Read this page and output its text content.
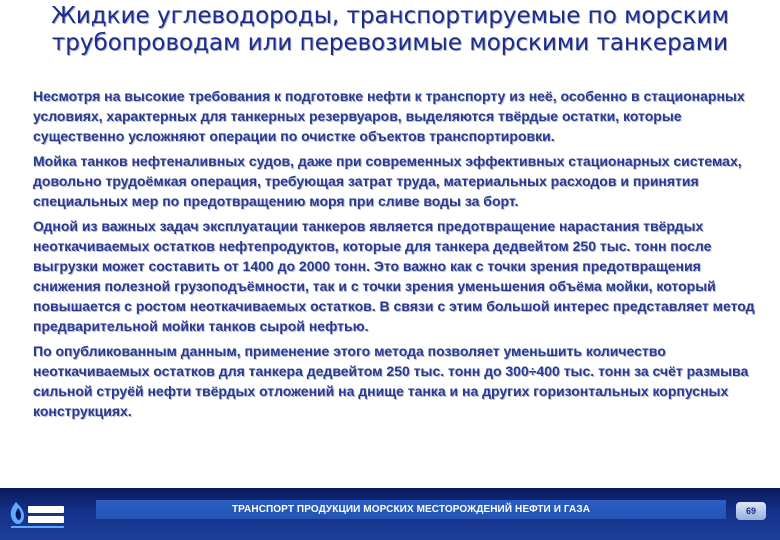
Жидкие углеводороды, транспортируемые по морским трубопроводам или перевозимые морскими танкерами

Несмотря на высокие требования к подготовке нефти к транспорту из неё, особенно в стационарных условиях, характерных для танкерных резервуаров, выделяются твёрдые остатки, которые существенно усложняют операции по очистке объектов транспортировки.

Мойка танков нефтеналивных судов, даже при современных эффективных стационарных системах, довольно трудоёмкая операция, требующая затрат труда, материальных расходов и принятия специальных мер по предотвращению моря при сливе воды за борт.

Одной из важных задач эксплуатации танкеров является предотвращение нарастания твёрдых неоткачиваемых остатков нефтепродуктов, которые для танкера дедвейтом 250 тыс. тонн после выгрузки может составить от 1400 до 2000 тонн. Это важно как с точки зрения предотвращения снижения полезной грузоподъёмности, так и с точки зрения уменьшения объёма мойки, который повышается с ростом неоткачиваемых остатков. В связи с этим большой интерес представляет метод предварительной мойки танков сырой нефтью.

По опубликованным данным, применение этого метода позволяет уменьшить количество неоткачиваемых остатков для танкера дедвейтом 250 тыс. тонн до 300÷400 тыс. тонн за счёт размыва сильной струёй нефти твёрдых отложений на днище танка и на других горизонтальных корпусных конструкциях.

ТРАНСПОРТ ПРОДУКЦИИ МОРСКИХ МЕСТОРОЖДЕНИЙ НЕФТИ И ГАЗА	69
